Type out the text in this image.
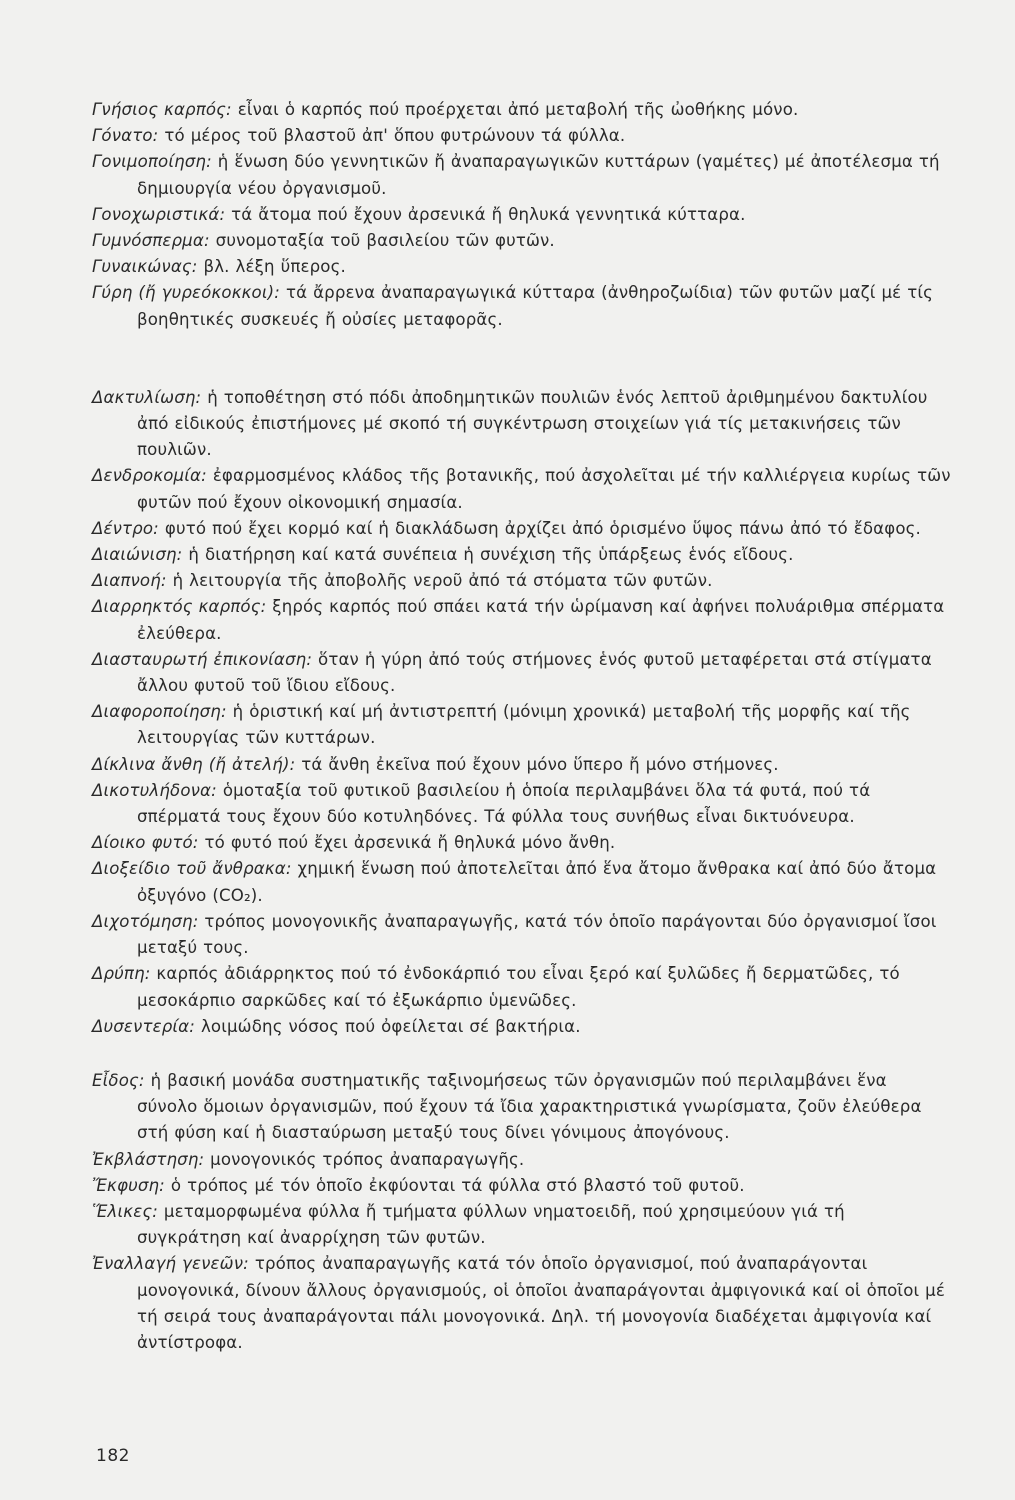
Γνήσιος καρπός: εἶναι ὁ καρπός πού προέρχεται ἀπό μεταβολή τῆς ὠοθήκης μόνο.

Γόνατο: τό μέρος τοῦ βλαστοῦ ἀπ' ὅπου φυτρώνουν τά φύλλα.

Γονιμοποίηση: ἡ ἕνωση δύο γεννητικῶν ἤ ἀναπαραγωγικῶν κυττάρων (γαμέτες) μέ ἀποτέλεσμα τή δημιουργία νέου ὀργανισμοῦ.

Γονοχωριστικά: τά ἄτομα πού ἔχουν ἀρσενικά ἤ θηλυκά γεννητικά κύτταρα.

Γυμνόσπερμα: συνομοταξία τοῦ βασιλείου τῶν φυτῶν.

Γυναικώνας: βλ. λέξη ὕπερος.

Γύρη (ἤ γυρεόκοκκοι): τά ἄρρενα ἀναπαραγωγικά κύτταρα (ἀνθηροζωίδια) τῶν φυτῶν μαζί μέ τίς βοηθητικές συσκευές ἤ οὐσίες μεταφορᾶς.

Δακτυλίωση: ἡ τοποθέτηση στό πόδι ἀποδημητικῶν πουλιῶν ἑνός λεπτοῦ ἀριθμημένου δακτυλίου ἀπό εἰδικούς ἐπιστήμονες μέ σκοπό τή συγκέντρωση στοιχείων γιά τίς μετακινήσεις τῶν πουλιῶν.

Δενδροκομία: ἐφαρμοσμένος κλάδος τῆς βοτανικῆς, πού ἀσχολεῖται μέ τήν καλλιέργεια κυρίως τῶν φυτῶν πού ἔχουν οἰκονομική σημασία.

Δέντρο: φυτό πού ἔχει κορμό καί ἡ διακλάδωση ἀρχίζει ἀπό ὁρισμένο ὕψος πάνω ἀπό τό ἔδαφος.

Διαιώνιση: ἡ διατήρηση καί κατά συνέπεια ἡ συνέχιση τῆς ὑπάρξεως ἑνός εἴδους.

Διαπνοή: ἡ λειτουργία τῆς ἀποβολῆς νεροῦ ἀπό τά στόματα τῶν φυτῶν.

Διαρρηκτός καρπός: ξηρός καρπός πού σπάει κατά τήν ὡρίμανση καί ἀφήνει πολυάριθμα σπέρματα ἐλεύθερα.

Διασταυρωτή ἐπικονίαση: ὅταν ἡ γύρη ἀπό τούς στήμονες ἑνός φυτοῦ μεταφέρεται στά στίγματα ἄλλου φυτοῦ τοῦ ἴδιου εἴδους.

Διαφοροποίηση: ἡ ὁριστική καί μή ἀντιστρεπτή (μόνιμη χρονικά) μεταβολή τῆς μορφῆς καί τῆς λειτουργίας τῶν κυττάρων.

Δίκλινα ἄνθη (ἤ ἀτελή): τά ἄνθη ἐκεῖνα πού ἔχουν μόνο ὕπερο ἤ μόνο στήμονες.

Δικοτυλήδονα: ὁμοταξία τοῦ φυτικοῦ βασιλείου ἡ ὁποία περιλαμβάνει ὅλα τά φυτά, πού τά σπέρματά τους ἔχουν δύο κοτυληδόνες. Τά φύλλα τους συνήθως εἶναι δικτυόνευρα.

Δίοικο φυτό: τό φυτό πού ἔχει ἀρσενικά ἤ θηλυκά μόνο ἄνθη.

Διοξείδιο τοῦ ἄνθρακα: χημική ἕνωση πού ἀποτελεῖται ἀπό ἕνα ἄτομο ἄνθρακα καί ἀπό δύο ἄτομα ὀξυγόνο (CO₂).

Διχοτόμηση: τρόπος μονογονικῆς ἀναπαραγωγῆς, κατά τόν ὁποῖο παράγονται δύο ὀργανισμοί ἴσοι μεταξύ τους.

Δρύπη: καρπός ἀδιάρρηκτος πού τό ἐνδοκάρπιό του εἶναι ξερό καί ξυλῶδες ἤ δερματῶδες, τό μεσοκάρπιο σαρκῶδες καί τό ἐξωκάρπιο ὑμενῶδες.

Δυσεντερία: λοιμώδης νόσος πού ὀφείλεται σέ βακτήρια.

Εἶδος: ἡ βασική μονάδα συστηματικῆς ταξινομήσεως τῶν ὀργανισμῶν πού περιλαμβάνει ἕνα σύνολο ὅμοιων ὀργανισμῶν, πού ἔχουν τά ἴδια χαρακτηριστικά γνωρίσματα, ζοῦν ἐλεύθερα στή φύση καί ἡ διασταύρωση μεταξύ τους δίνει γόνιμους ἀπογόνους.

Ἐκβλάστηση: μονογονικός τρόπος ἀναπαραγωγῆς.

Ἔκφυση: ὁ τρόπος μέ τόν ὁποῖο ἐκφύονται τά φύλλα στό βλαστό τοῦ φυτοῦ.

Ἕλικες: μεταμορφωμένα φύλλα ἤ τμήματα φύλλων νηματοειδῆ, πού χρησιμεύουν γιά τή συγκράτηση καί ἀναρρίχηση τῶν φυτῶν.

Ἐναλλαγή γενεῶν: τρόπος ἀναπαραγωγῆς κατά τόν ὁποῖο ὀργανισμοί, πού ἀναπαράγονται μονογονικά, δίνουν ἄλλους ὀργανισμούς, οἱ ὁποῖοι ἀναπαράγονται ἀμφιγονικά καί οἱ ὁποῖοι μέ τή σειρά τους ἀναπαράγονται πάλι μονογονικά. Δηλ. τή μονογονία διαδέχεται ἀμφιγονία καί ἀντίστροφα.

182
